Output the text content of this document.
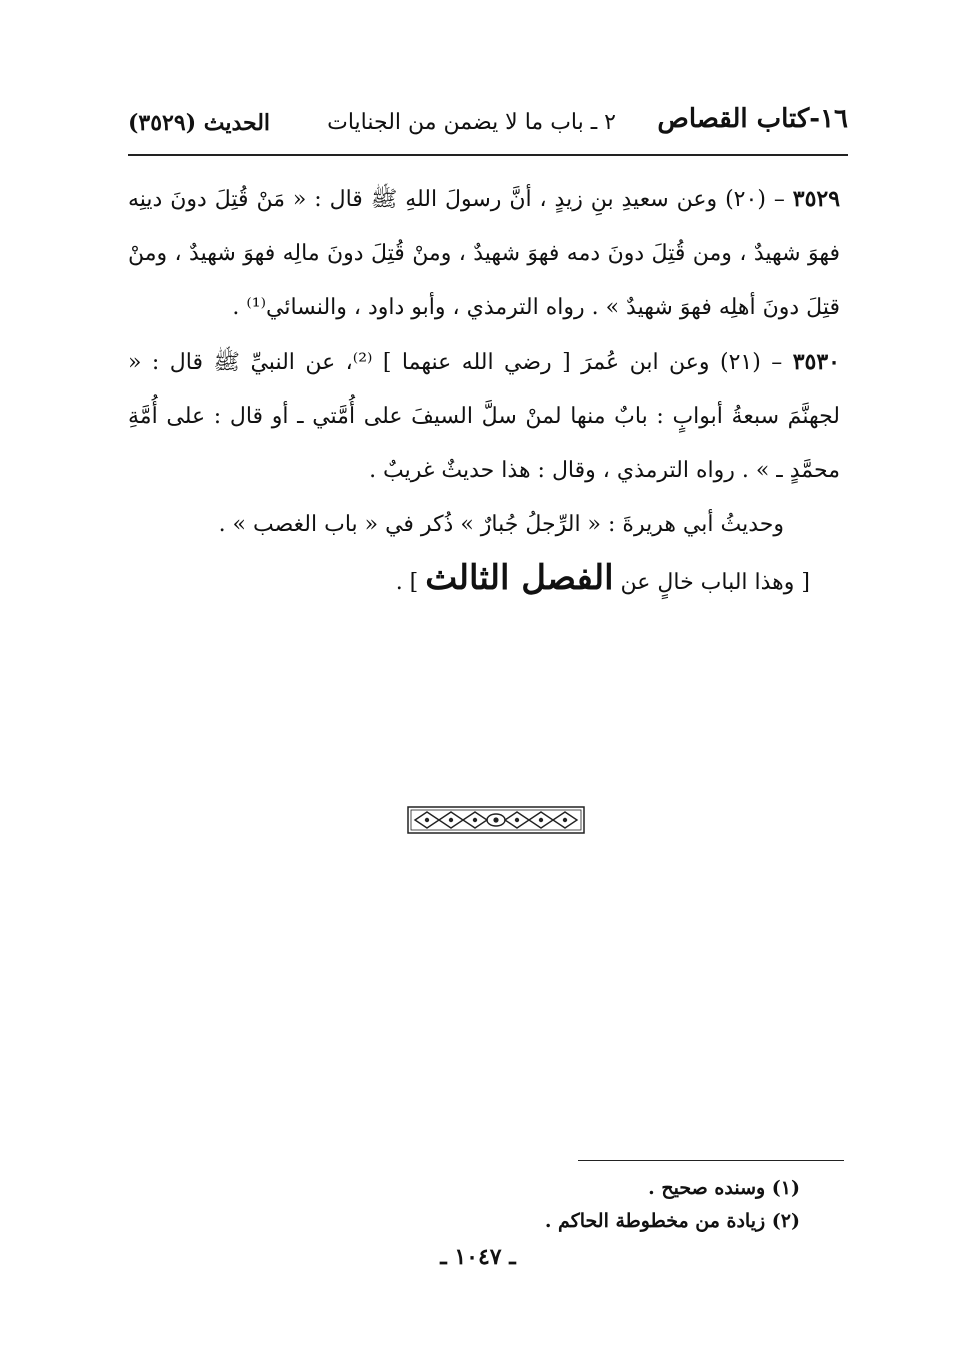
١٦-كتاب القصاص
٢ ـ باب ما لا يضمن من الجنايات
الحديث (٣٥٢٩)

٣٥٢٩ – (٢٠) وعن سعيدِ بنِ زيدٍ ، أنَّ رسولَ اللهِ ﷺ قال : « مَنْ قُتِلَ دونَ دينِه فهوَ شهيدٌ ، ومن قُتِلَ دونَ دمه فهوَ شهيدٌ ، ومنْ قُتِلَ دونَ مالِه فهوَ شهيدٌ ، ومنْ قتِلَ دونَ أهلِه فهوَ شهيدٌ » . رواه الترمذي ، وأبو داود ، والنسائي⁽¹⁾ .

٣٥٣٠ – (٢١) وعن ابن عُمرَ [ رضي الله عنهما ] ⁽²⁾، عن النبيِّ ﷺ قال : « لجهنَّمَ سبعةُ أبوابٍ : بابٌ منها لمنْ سلَّ السيفَ على أُمَّتي ـ أو قال : على أُمَّةِ محمَّدٍ ـ » . رواه الترمذي ، وقال : هذا حديثٌ غريبٌ .

وحديثُ أبي هريرةَ : « الرِّجلُ جُبارٌ » ذُكر في « باب الغصب » .

[ وهذا الباب خالٍ عن الفصل الثالث ] .

(١) وسنده صحيح .

(٢) زيادة من مخطوطة الحاكم .

ـ ١٠٤٧ ـ
